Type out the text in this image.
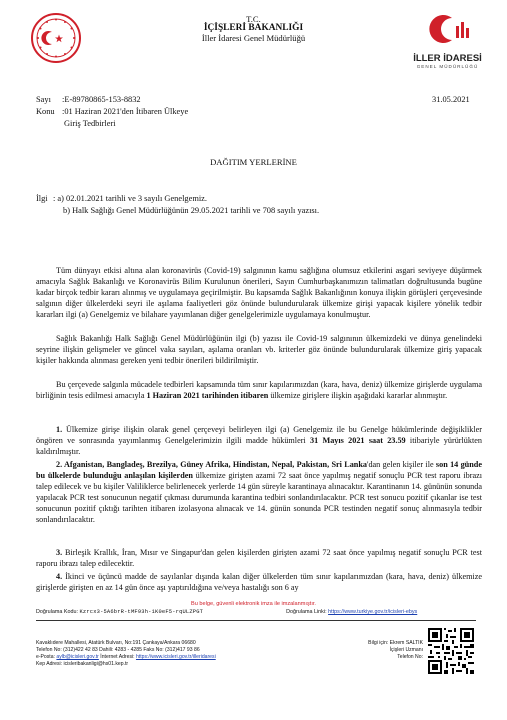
T.C.
İÇİŞLERİ BAKANLIĞI
İller İdaresi Genel Müdürlüğü
İLLER İDARESİ
GENEL MÜDÜRLÜĞÜ
Sayı :E-89780865-153-8832	31.05.2021
Konu :01 Haziran 2021'den İtibaren Ülkeye
Giriş Tedbirleri
DAĞITIM YERLERİNE
İlgi : a) 02.01.2021 tarihli ve 3 sayılı Genelgemiz.
b) Halk Sağlığı Genel Müdürlüğünün 29.05.2021 tarihli ve 708 sayılı yazısı.
Tüm dünyayı etkisi altına alan koronavirüs (Covid-19) salgınının kamu sağlığına olumsuz etkilerini asgari seviyeye düşürmek amacıyla Sağlık Bakanlığı ve Koronavirüs Bilim Kurulunun önerileri, Sayın Cumhurbaşkanımızın talimatları doğrultusunda bugüne kadar birçok tedbir kararı alınmış ve uygulamaya geçirilmiştir. Bu kapsamda Sağlık Bakanlığının konuya ilişkin görüşleri çerçevesinde salgının diğer ülkelerdeki seyri ile aşılama faaliyetleri göz önünde bulundurularak ülkemize girişi yapacak kişilere yönelik tedbir kararları ilgi (a) Genelgemiz ve bilahare yayımlanan diğer genelgelerimizle uygulamaya konulmuştur.
Sağlık Bakanlığı Halk Sağlığı Genel Müdürlüğünün ilgi (b) yazısı ile Covid-19 salgınının ülkemizdeki ve dünya genelindeki seyrine ilişkin gelişmeler ve güncel vaka sayıları, aşılama oranları vb. kriterler göz önünde bulundurularak ülkemize giriş yapacak kişiler hakkında alınması gereken yeni tedbir önerileri bildirilmiştir.
Bu çerçevede salgınla mücadele tedbirleri kapsamında tüm sınır kapılarımızdan (kara, hava, deniz) ülkemize girişlerde uygulama birliğinin tesis edilmesi amacıyla 1 Haziran 2021 tarihinden itibaren ülkemize girişlere ilişkin aşağıdaki kararlar alınmıştır.
1. Ülkemize girişe ilişkin olarak genel çerçeveyi belirleyen ilgi (a) Genelgemiz ile bu Genelge hükümlerinde değişiklikler öngören ve sonrasında yayımlanmış Genelgelerimizin ilgili madde hükümleri 31 Mayıs 2021 saat 23.59 itibariyle yürürlükten kaldırılmıştır.
2. Afganistan, Bangladeş, Brezilya, Güney Afrika, Hindistan, Nepal, Pakistan, Sri Lanka'dan gelen kişiler ile son 14 günde bu ülkelerde bulunduğu anlaşılan kişilerden ülkemize girişten azami 72 saat önce yapılmış negatif sonuçlu PCR test raporu ibrazı talep edilecek ve bu kişiler Valiliklerce belirlenecek yerlerde 14 gün süreyle karantinaya alınacaktır. Karantinanın 14. gününün sonunda yapılacak PCR test sonucunun negatif çıkması durumunda karantina tedbiri sonlandırılacaktır. PCR test sonucu pozitif çıkanlar ise test sonucunun pozitif çıktığı tarihten itibaren izolasyona alınacak ve 14. günün sonunda PCR testinden negatif sonuç alınmasıyla tedbir sonlandırılacaktır.
3. Birleşik Krallık, İran, Mısır ve Singapur'dan gelen kişilerden girişten azami 72 saat önce yapılmış negatif sonuçlu PCR test raporu ibrazı talep edilecektir.
4. İkinci ve üçüncü madde de sayılanlar dışında kalan diğer ülkelerden tüm sınır kapılarımızdan (kara, hava, deniz) ülkemize girişlerde girişten en az 14 gün önce aşı yaptırıldığına ve/veya hastalığı son 6 ay
Bu belge, güvenli elektronik imza ile imzalanmıştır.
Doğrulama Kodu: Kzrcx3-5A6brR-tMF93h-1K0eF5-rqULZPGT	Doğrulama Linki: https://www.turkiye.gov.tr/icisleri-ebys
Kavaklıdere Mahallesi, Atatürk Bulvarı, No:191 Çankaya/Ankara 06680
Telefon No: (312)422 42 83 Dahili: 4283 - 4285 Faks No: (312)417 93 86
e-Posta: aylb@icisleri.gov.tr İnternet Adresi: https://www.icisleri.gov.tr/illeridaresi
Kep Adresi: icisleribakanligi@hs01.kep.tr
Bilgi için: Ekrem SALTIK
İçişleri Uzmanı
Telefon No:
